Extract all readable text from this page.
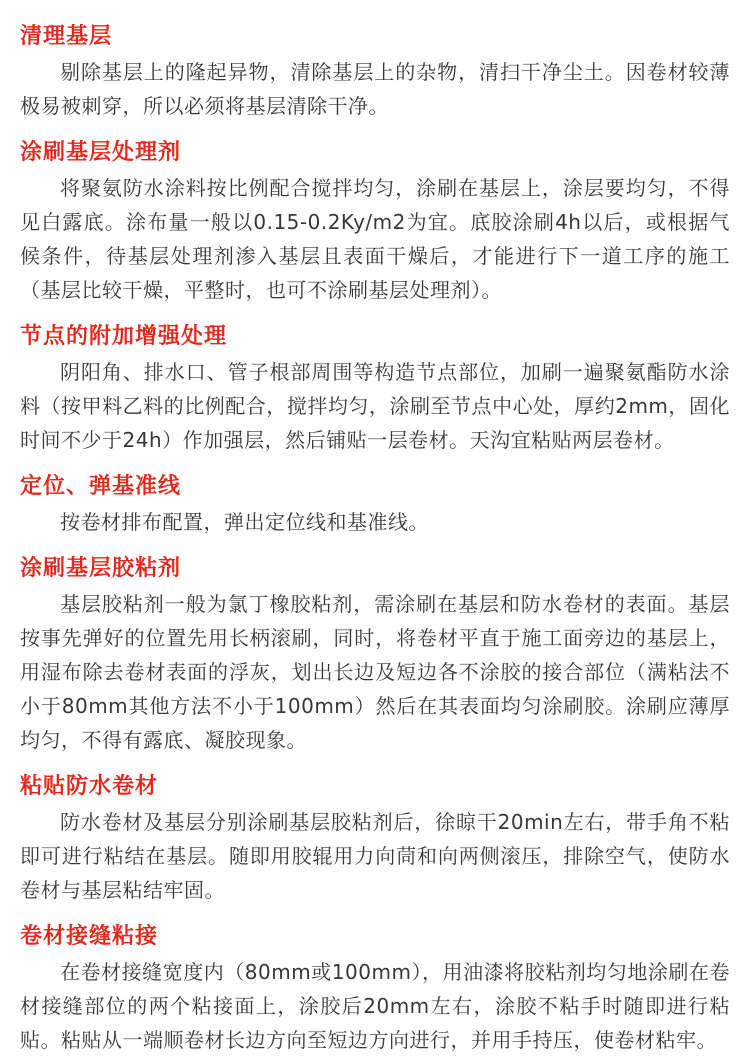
清理基层

剔除基层上的隆起异物，清除基层上的杂物，清扫干净尘土。因卷材较薄极易被刺穿，所以必须将基层清除干净。

涂刷基层处理剂

将聚氨防水涂料按比例配合搅拌均匀，涂刷在基层上，涂层要均匀，不得见白露底。涂布量一般以0.15-0.2Ky/m2为宜。底胶涂刷4h以后，或根据气候条件，待基层处理剂渗入基层且表面干燥后，才能进行下一道工序的施工（基层比较干燥，平整时，也可不涂刷基层处理剂）。

节点的附加增强处理

阴阳角、排水口、管子根部周围等构造节点部位，加刷一遍聚氨酯防水涂料（按甲料乙料的比例配合，搅拌均匀，涂刷至节点中心处，厚约2mm，固化时间不少于24h）作加强层，然后铺贴一层卷材。天沟宜粘贴两层卷材。

定位、弹基准线

按卷材排布配置，弹出定位线和基准线。

涂刷基层胶粘剂

基层胶粘剂一般为氯丁橡胶粘剂，需涂刷在基层和防水卷材的表面。基层按事先弹好的位置先用长柄滚刷，同时，将卷材平直于施工面旁边的基层上，用湿布除去卷材表面的浮灰，划出长边及短边各不涂胶的接合部位（满粘法不小于80mm其他方法不小于100mm）然后在其表面均匀涂刷胶。涂刷应薄厚均匀，不得有露底、凝胶现象。

粘贴防水卷材

防水卷材及基层分别涂刷基层胶粘剂后，徐晾干20min左右，带手角不粘即可进行粘结在基层。随即用胶辊用力向茼和向两侧滚压，排除空气，使防水卷材与基层粘结牢固。

卷材接缝粘接

在卷材接缝宽度内（80mm或100mm），用油漆将胶粘剂均匀地涂刷在卷材接缝部位的两个粘接面上，涂胶后20mm左右，涂胶不粘手时随即进行粘贴。粘贴从一端顺卷材长边方向至短边方向进行，并用手持压，使卷材粘牢。
